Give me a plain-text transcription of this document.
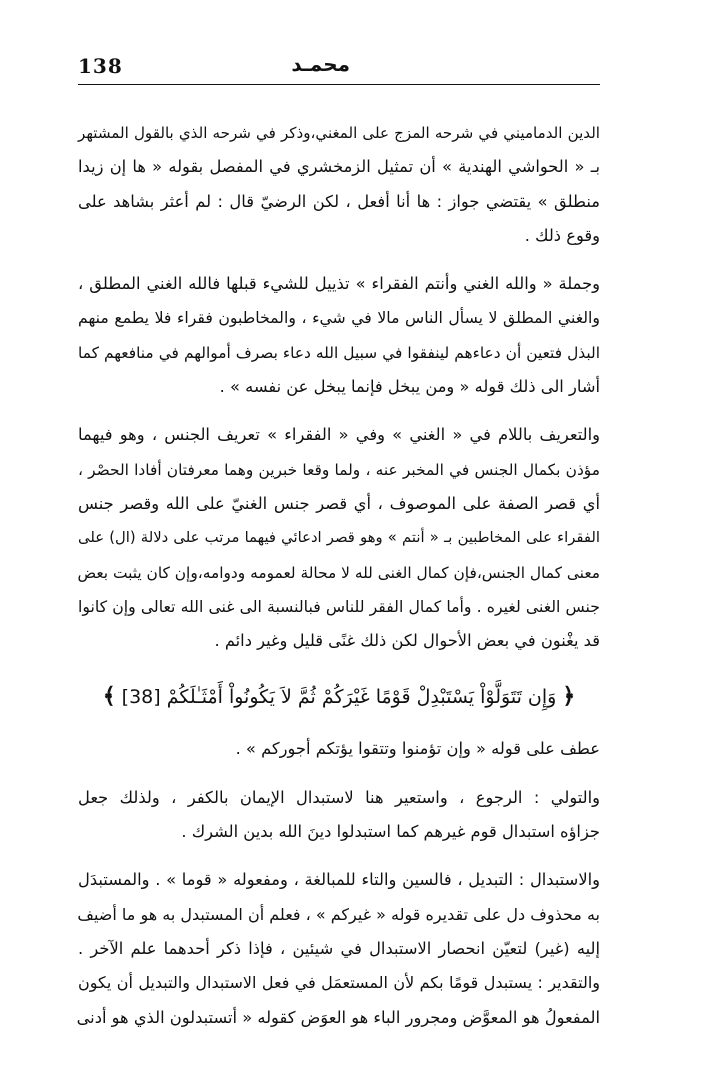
138	محمـد
الدين الدماميني في شرحه المزج على المغني،وذكر في شرحه الذي بالقول المشتهر
بـ « الحواشي الهندية » أن تمثيل الزمخشري في المفصل بقوله « ها إن زيدا
منطلق » يقتضي جواز : ها أنا أفعل ، لكن الرضيّ قال : لم أعثر بشاهد على
وقوع ذلك .
وجملة « والله الغني وأنتم الفقراء » تذييل للشيء قبلها فالله الغني المطلق ،
والغني المطلق لا يسأل الناس مالا في شيء ، والمخاطبون فقراء فلا يطمع منهم
البذل فتعين أن دعاءهم لينفقوا في سبيل الله دعاء بصرف أموالهم في منافعهم كما
أشار الى ذلك قوله « ومن يبخل فإنما يبخل عن نفسه » .
والتعريف باللام في « الغني » وفي « الفقراء » تعريف الجنس ، وهو فيهما
مؤذن بكمال الجنس في المخبر عنه ، ولما وقعا خبرين وهما معرفتان أفادا الحصْر ،
أي قصر الصفة على الموصوف ، أي قصر جنس الغنيّ على الله وقصر جنس
الفقراء على المخاطبين بـ « أنتم » وهو قصر ادعائي فيهما مرتب على دلالة (ال) على
معنى كمال الجنس،فإن كمال الغنى لله لا محالة لعمومه ودوامه،وإن كان يثبت بعض
جنس الغنى لغيره . وأما كمال الفقر للناس فبالنسبة الى غنى الله تعالى وإن كانوا
قد يغْنون في بعض الأحوال لكن ذلك غنًى قليل وغير دائم .
﴿ وَإِن تَتَوَلَّوْاْ يَسْتَبْدِلْ قَوْمًا غَيْرَكُمْ ثُمَّ لاَ يَكُونُواْ أَمْثَـٰلَكُمْ [38] ﴾
عطف على قوله « وإن تؤمنوا وتتقوا يؤتكم أجوركم » .
والتولي : الرجوع ، واستعير هنا لاستبدال الإيمان بالكفر ، ولذلك جعل
جزاؤه استبدال قوم غيرهم كما استبدلوا دينَ الله بدين الشرك .
والاستبدال : التبديل ، فالسين والتاء للمبالغة ، ومفعوله « قوما » . والمستبدَل
به محذوف دل على تقديره قوله « غيركم » ، فعلم أن المستبدل به هو ما أضيف
إليه (غير) لتعيّن انحصار الاستبدال في شيئين ، فإذا ذكر أحدهما علم الآخر .
والتقدير : يستبدل قومًا بكم لأن المستعمَل في فعل الاستبدال والتبديل أن يكون
المفعولُ هو المعوَّض ومجرور الباء هو العوَض كقوله « أتستبدلون الذي هو أدنى
